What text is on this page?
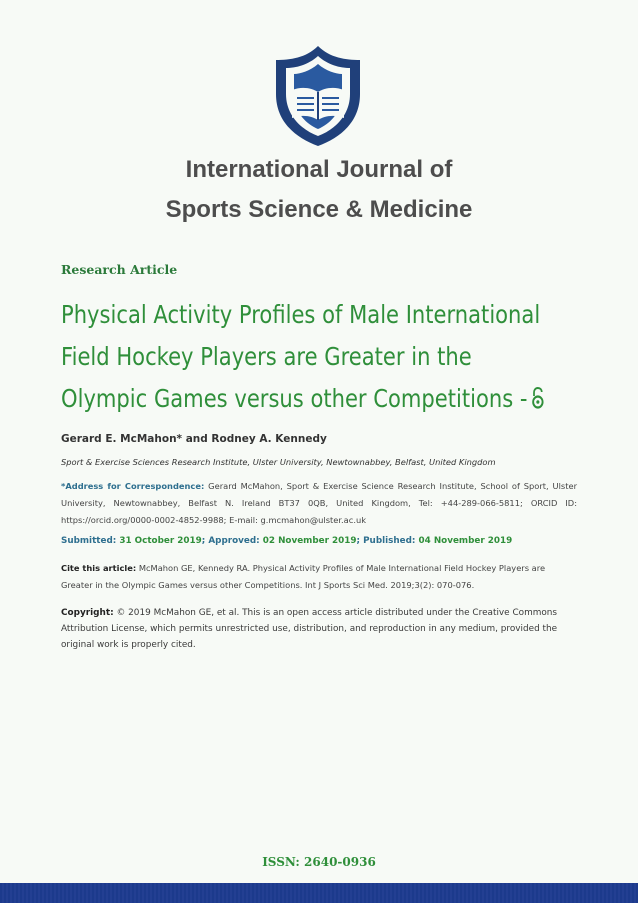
International Journal of
Sports Science & Medicine
Research Article
Physical Activity Profiles of Male International
Field Hockey Players are Greater in the
Olympic Games versus other Competitions -
Gerard E. McMahon* and Rodney A. Kennedy
Sport & Exercise Sciences Research Institute, Ulster University, Newtownabbey, Belfast, United Kingdom
*Address for Correspondence: Gerard McMahon, Sport & Exercise Science Research Institute, School of Sport, Ulster University, Newtownabbey, Belfast N. Ireland BT37 0QB, United Kingdom, Tel: +44-289-066-5811; ORCID ID: https://orcid.org/0000-0002-4852-9988; E-mail: g.mcmahon@ulster.ac.uk
Submitted: 31 October 2019; Approved: 02 November 2019; Published: 04 November 2019
Cite this article: McMahon GE, Kennedy RA. Physical Activity Profiles of Male International Field Hockey Players are Greater in the Olympic Games versus other Competitions. Int J Sports Sci Med. 2019;3(2): 070-076.
Copyright: © 2019 McMahon GE, et al. This is an open access article distributed under the Creative Commons Attribution License, which permits unrestricted use, distribution, and reproduction in any medium, provided the original work is properly cited.
ISSN: 2640-0936
